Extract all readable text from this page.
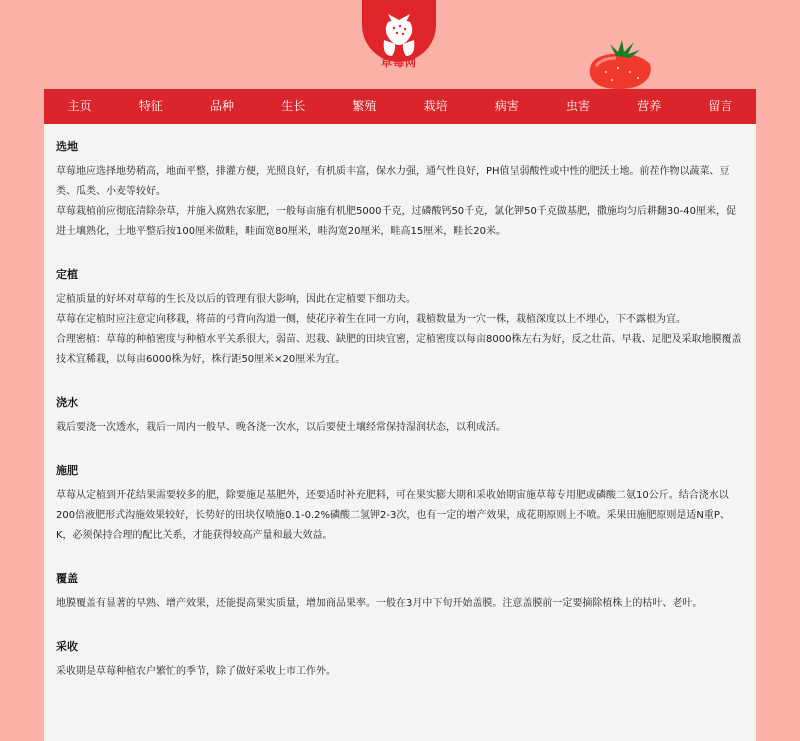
草莓网
主页	特征	品种	生长	繁殖	栽培	病害	虫害	营养	留言
选地

草莓地应选择地势稍高，地面平整，排灌方便，光照良好，有机质丰富，保水力强，通气性良好，PH值呈弱酸性或中性的肥沃土地。前茬作物以蔬菜、豆类、瓜类、小麦等较好。

草莓栽植前应彻底清除杂草，并施入腐熟农家肥，一般每亩施有机肥5000千克，过磷酸钙50千克，氯化钾50千克做基肥，撒施均匀后耕翻30-40厘米，促进土壤熟化，土地平整后按100厘米做畦，畦面宽80厘米，畦沟宽20厘米，畦高15厘米，畦长20米。

定植

定植质量的好坏对草莓的生长及以后的管理有很大影响，因此在定植要下细功夫。

草莓在定植时应注意定向移栽，将苗的弓背向沟道一侧，使花序着生在同一方向，栽植数量为一穴一株，栽植深度以上不埋心，下不露根为宜。

合理密植：草莓的种植密度与种植水平关系很大，弱苗、迟栽、缺肥的田块宜密，定植密度以每亩8000株左右为好，反之壮苗、早栽、足肥及采取地膜覆盖技术宜稀栽，以每亩6000株为好，株行距50厘米×20厘米为宜。

浇水

栽后要浇一次透水，栽后一周内一般早、晚各浇一次水，以后要使土壤经常保持湿润状态，以利成活。

施肥

草莓从定植到开花结果需要较多的肥，除要施足基肥外，还要适时补充肥料，可在果实膨大期和采收始期宙施草莓专用肥或磷酸二氨10公斤。结合浇水以200倍液肥形式沟施效果较好，长势好的田块仅喷施0.1-0.2%磷酸二氢钾2-3次，也有一定的增产效果，成花期原则上不喷。采果田施肥原则是适N重P、K，必须保持合理的配比关系，才能获得较高产量和最大效益。

覆盖

地膜覆盖有显著的早熟、增产效果，还能提高果实质量，增加商品果率。一般在3月中下旬开始盖膜。注意盖膜前一定要摘除植株上的枯叶、老叶。

采收

采收期是草莓种植农户繁忙的季节，除了做好采收上市工作外。
